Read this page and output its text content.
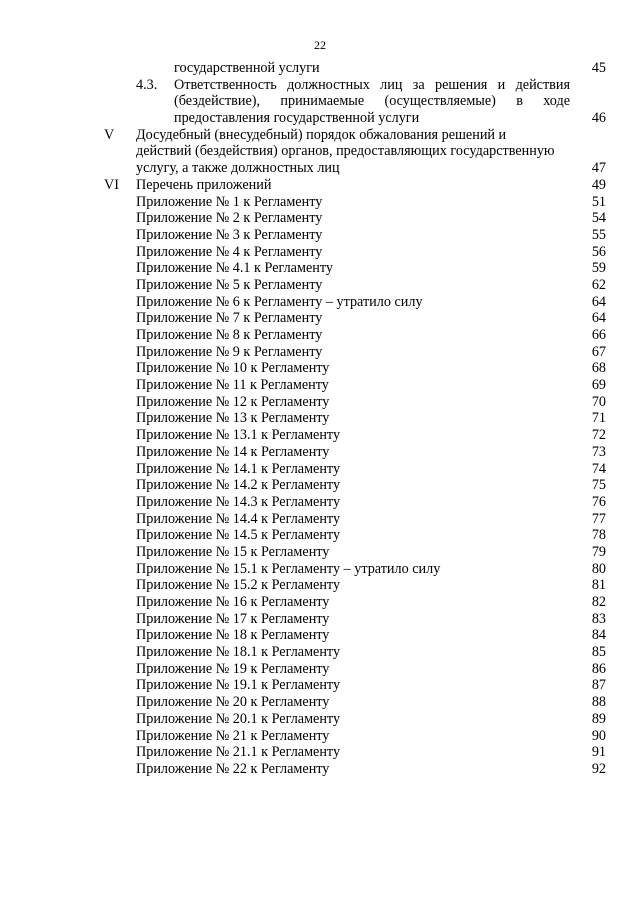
22
государственной услуги	45
4.3. Ответственность должностных лиц за решения и действия
(бездействие), принимаемые (осуществляемые) в ходе
предоставления государственной услуги	46
V Досудебный (внесудебный) порядок обжалования решений и
действий (бездействия) органов, предоставляющих государственную
услугу, а также должностных лиц	47
VI Перечень приложений	49
Приложение № 1 к Регламенту	51
Приложение № 2 к Регламенту	54
Приложение № 3 к Регламенту	55
Приложение № 4 к Регламенту	56
Приложение № 4.1 к Регламенту	59
Приложение № 5 к Регламенту	62
Приложение № 6 к Регламенту – утратило силу	64
Приложение № 7 к Регламенту	64
Приложение № 8 к Регламенту	66
Приложение № 9 к Регламенту	67
Приложение № 10 к Регламенту	68
Приложение № 11 к Регламенту	69
Приложение № 12 к Регламенту	70
Приложение № 13 к Регламенту	71
Приложение № 13.1 к Регламенту	72
Приложение № 14 к Регламенту	73
Приложение № 14.1 к Регламенту	74
Приложение № 14.2 к Регламенту	75
Приложение № 14.3 к Регламенту	76
Приложение № 14.4 к Регламенту	77
Приложение № 14.5 к Регламенту	78
Приложение № 15 к Регламенту	79
Приложение № 15.1 к Регламенту – утратило силу	80
Приложение № 15.2 к Регламенту	81
Приложение № 16 к Регламенту	82
Приложение № 17 к Регламенту	83
Приложение № 18 к Регламенту	84
Приложение № 18.1 к Регламенту	85
Приложение № 19 к Регламенту	86
Приложение № 19.1 к Регламенту	87
Приложение № 20 к Регламенту	88
Приложение № 20.1 к Регламенту	89
Приложение № 21 к Регламенту	90
Приложение № 21.1 к Регламенту	91
Приложение № 22 к Регламенту	92
